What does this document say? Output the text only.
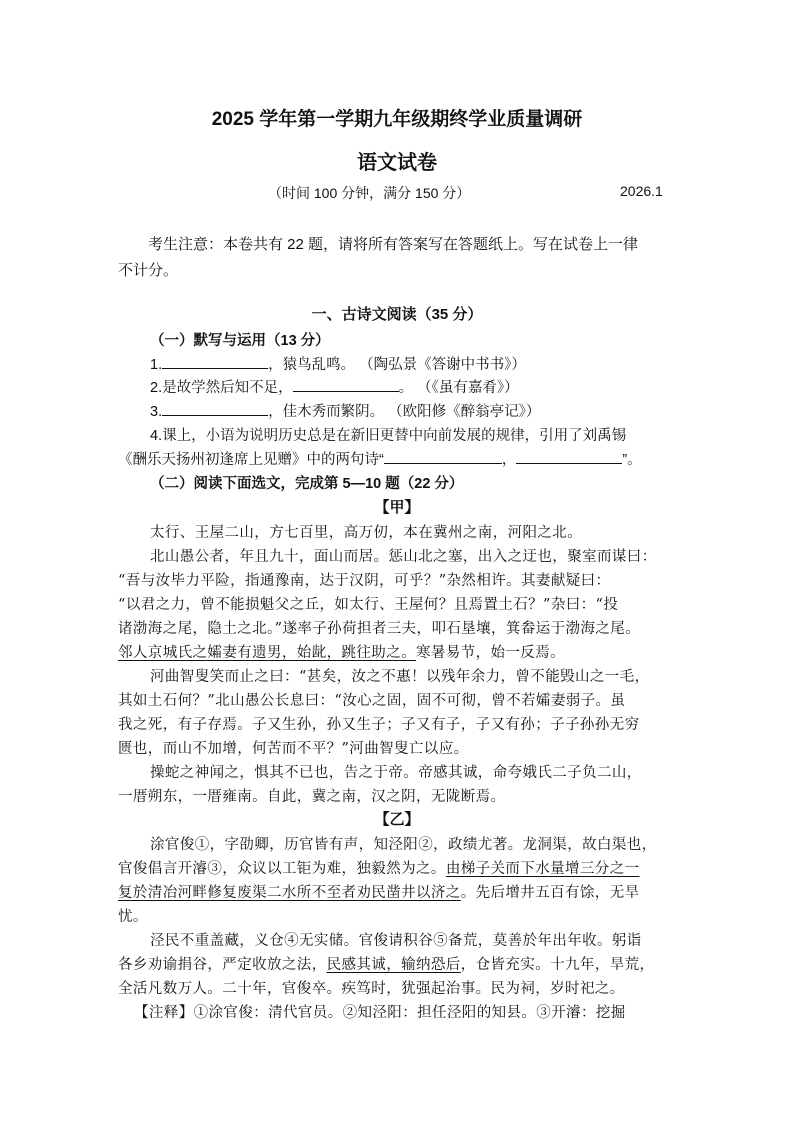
2025 学年第一学期九年级期终学业质量调研
语文试卷
（时间 100 分钟，满分 150 分）	2026.1
考生注意：本卷共有 22 题，请将所有答案写在答题纸上。写在试卷上一律
不计分。
一、古诗文阅读（35 分）
（一）默写与运用（13 分）
1.	，猿鸟乱鸣。 （陶弘景《答谢中书书》）
2.是故学然后知不足，	。 （《虽有嘉肴》）
3.	，佳木秀而繁阴。 （欧阳修《醉翁亭记》）
4.课上，小语为说明历史总是在新旧更替中向前发展的规律，引用了刘禹锡
《酬乐天扬州初逢席上见赠》中的两句诗“	，	”。
（二）阅读下面选文，完成第 5—10 题（22 分）
【甲】
太行、王屋二山，方七百里，高万仞，本在冀州之南，河阳之北。
北山愚公者，年且九十，面山而居。惩山北之塞，出入之迂也，聚室而谋曰：
“吾与汝毕力平险，指通豫南，达于汉阴，可乎？”杂然相许。其妻献疑曰：
“以君之力，曾不能损魁父之丘，如太行、王屋何？且焉置土石？”杂曰：“投
诸渤海之尾，隐土之北。”遂率子孙荷担者三夫，叩石垦壤，箕畚运于渤海之尾。
邻人京城氏之孀妻有遗男，始龀，跳往助之。寒暑易节，始一反焉。
河曲智叟笑而止之曰：“甚矣，汝之不惠！以残年余力，曾不能毁山之一毛，
其如土石何？”北山愚公长息曰：“汝心之固，固不可彻，曾不若孀妻弱子。虽
我之死，有子存焉。子又生孙，孙又生子；子又有子，子又有孙；子子孙孙无穷
匮也，而山不加增，何苦而不平？”河曲智叟亡以应。
操蛇之神闻之，惧其不已也，告之于帝。帝感其诚，命夸娥氏二子负二山，
一厝朔东，一厝雍南。自此，冀之南，汉之阴，无陇断焉。
【乙】
涂官俊①，字劭卿，历官皆有声，知泾阳②，政绩尤著。龙洞渠，故白渠也，
官俊倡言开濬③，众议以工钜为难，独毅然为之。由梯子关而下水量增三分之一
复於清冶河畔修复废渠二水所不至者劝民凿井以济之。先后增井五百有馀，无旱
忧。
泾民不重盖藏，义仓④无实储。官俊请积谷⑤备荒，莫善於年出年收。躬诣
各乡劝谕捐谷，严定收放之法，民感其诚，输纳恐后，仓皆充实。十九年，旱荒，
全活凡数万人。二十年，官俊卒。疾笃时，犹强起治事。民为祠，岁时祀之。
【注释】①涂官俊：清代官员。②知泾阳：担任泾阳的知县。③开濬：挖掘
